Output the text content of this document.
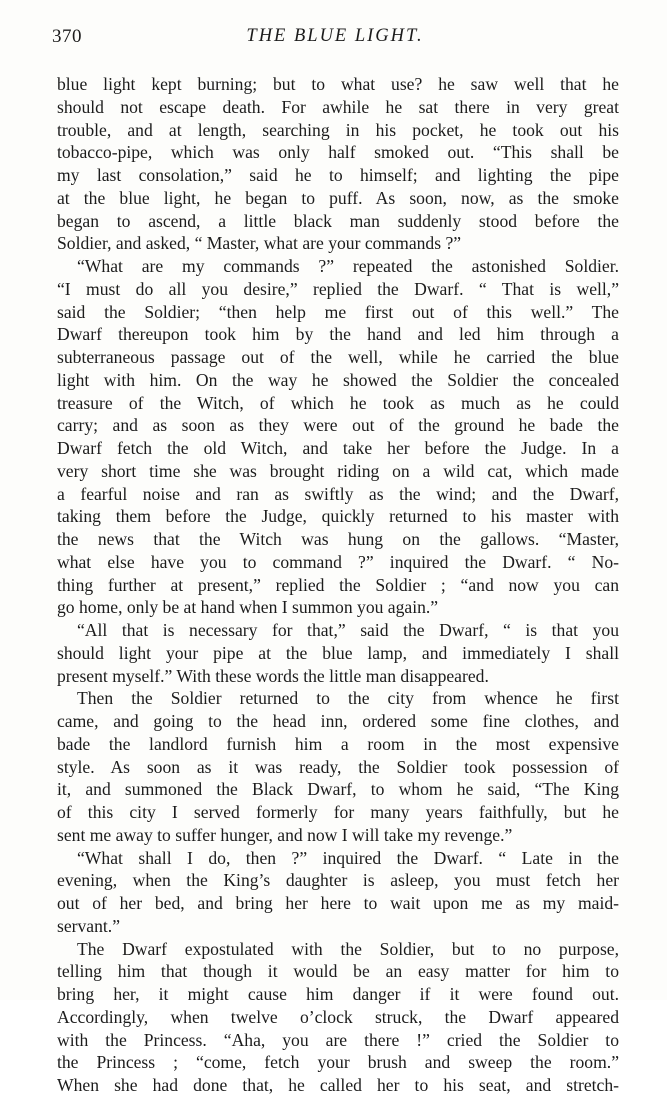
370	THE BLUE LIGHT.
blue light kept burning; but to what use? he saw well that he
should not escape death. For awhile he sat there in very great
trouble, and at length, searching in his pocket, he took out his
tobacco-pipe, which was only half smoked out. “This shall be
my last consolation,” said he to himself; and lighting the pipe
at the blue light, he began to puff. As soon, now, as the smoke
began to ascend, a little black man suddenly stood before the
Soldier, and asked, “ Master, what are your commands ?”
“What are my commands ?” repeated the astonished Soldier.
“I must do all you desire,” replied the Dwarf. “ That is well,”
said the Soldier; “then help me first out of this well.” The
Dwarf thereupon took him by the hand and led him through a
subterraneous passage out of the well, while he carried the blue
light with him. On the way he showed the Soldier the concealed
treasure of the Witch, of which he took as much as he could
carry; and as soon as they were out of the ground he bade the
Dwarf fetch the old Witch, and take her before the Judge. In a
very short time she was brought riding on a wild cat, which made
a fearful noise and ran as swiftly as the wind; and the Dwarf,
taking them before the Judge, quickly returned to his master with
the news that the Witch was hung on the gallows. “Master,
what else have you to command ?” inquired the Dwarf. “ No-
thing further at present,” replied the Soldier ; “and now you can
go home, only be at hand when I summon you again.”
“All that is necessary for that,” said the Dwarf, “ is that you
should light your pipe at the blue lamp, and immediately I shall
present myself.” With these words the little man disappeared.
Then the Soldier returned to the city from whence he first
came, and going to the head inn, ordered some fine clothes, and
bade the landlord furnish him a room in the most expensive
style. As soon as it was ready, the Soldier took possession of
it, and summoned the Black Dwarf, to whom he said, “The King
of this city I served formerly for many years faithfully, but he
sent me away to suffer hunger, and now I will take my revenge.”
“What shall I do, then ?” inquired the Dwarf. “ Late in the
evening, when the King’s daughter is asleep, you must fetch her
out of her bed, and bring her here to wait upon me as my maid-
servant.”
The Dwarf expostulated with the Soldier, but to no purpose,
telling him that though it would be an easy matter for him to
bring her, it might cause him danger if it were found out.
Accordingly, when twelve o’clock struck, the Dwarf appeared
with the Princess. “Aha, you are there !” cried the Soldier to
the Princess ; “come, fetch your brush and sweep the room.”
When she had done that, he called her to his seat, and stretch-
